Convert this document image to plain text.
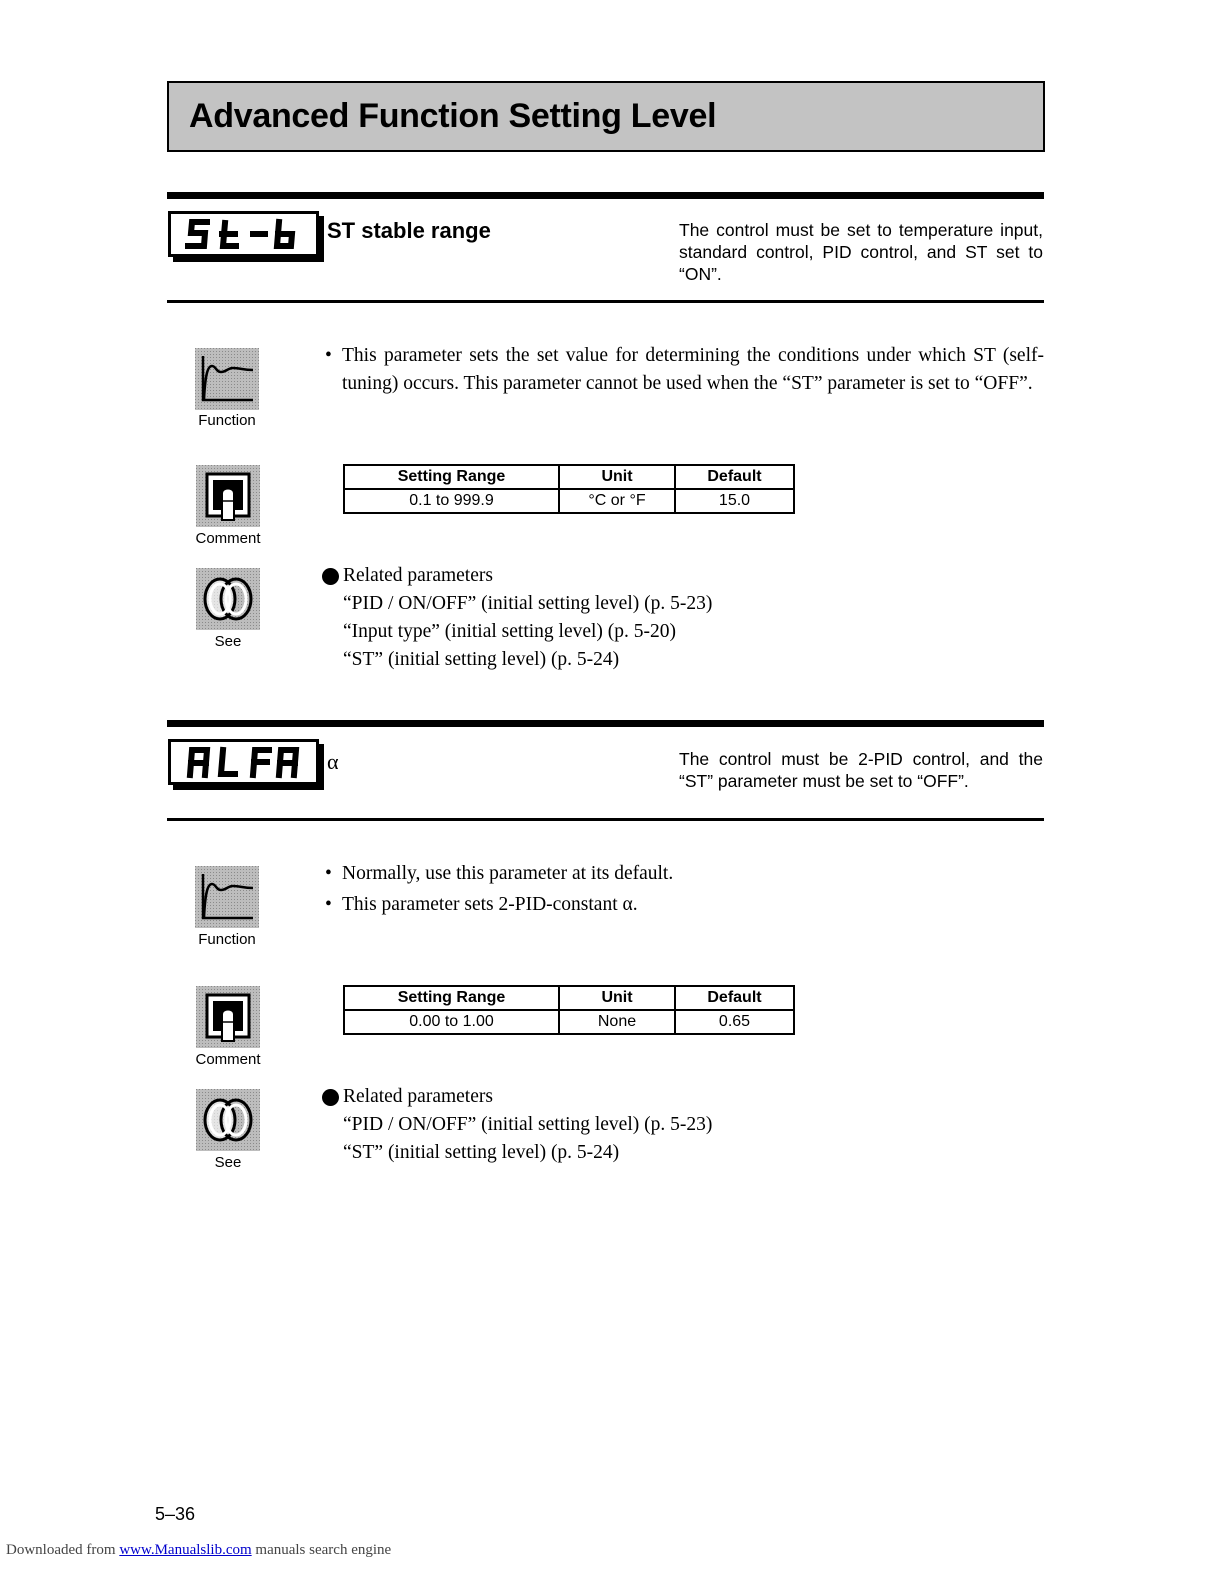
Advanced Function Setting Level
ST stable range	The control must be set to temperature input, standard control, PID control, and ST set to “ON”.
Function
Comment
See
• This parameter sets the set value for determining the conditions under which ST (self-tuning) occurs. This parameter cannot be used when the “ST” parameter is set to “OFF”.
Setting Range	Unit	Default
0.1 to 999.9	°C or °F	15.0
Related parameters
“PID / ON/OFF” (initial setting level) (p. 5-23)
“Input type” (initial setting level) (p. 5-20)
“ST” (initial setting level) (p. 5-24)
α	The control must be 2-PID control, and the “ST” parameter must be set to “OFF”.
Function
Comment
See
• Normally, use this parameter at its default.
• This parameter sets 2-PID-constant α.
Setting Range	Unit	Default
0.00 to 1.00	None	0.65
Related parameters
“PID / ON/OFF” (initial setting level) (p. 5-23)
“ST” (initial setting level) (p. 5-24)
5–36
Downloaded from www.Manualslib.com manuals search engine
